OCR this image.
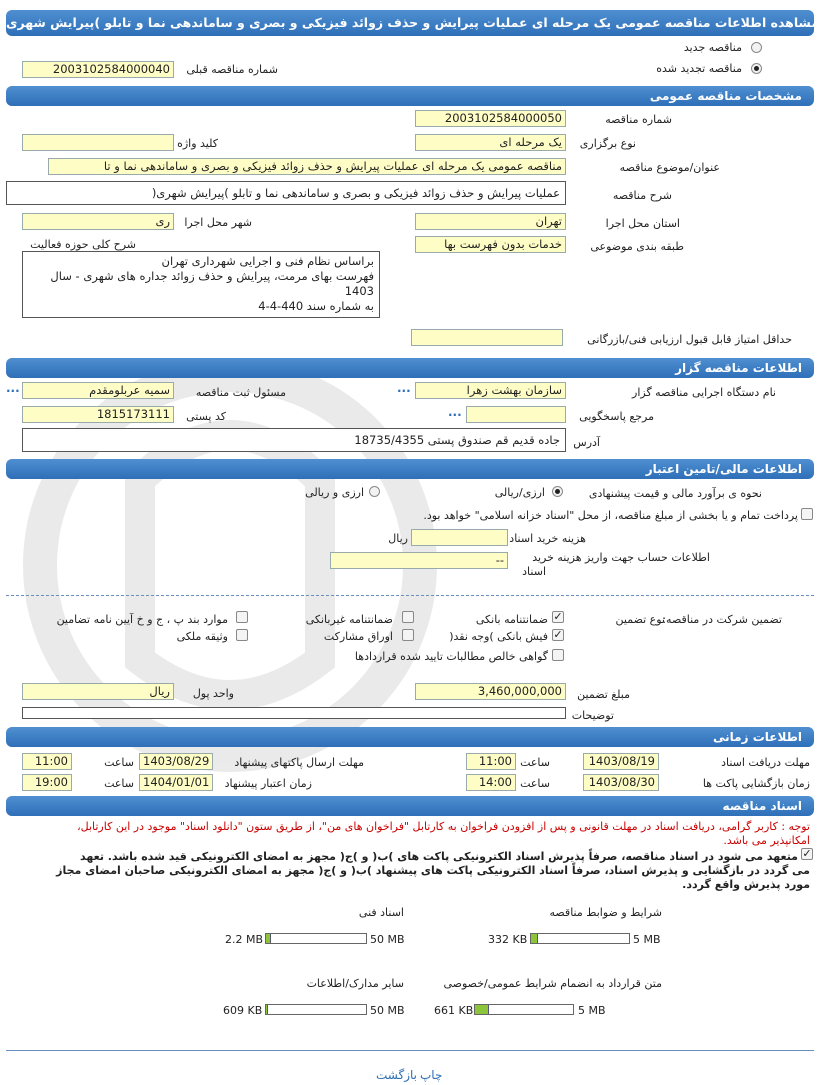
مشاهده اطلاعات مناقصه عمومی یک مرحله ای عملیات پیرایش و حذف زوائد فیزیکی و بصری و ساماندهی نما و تابلو )پیرایش شهری(
مناقصه جدید
مناقصه تجدید شده
شماره مناقصه قبلی
2003102584000040
مشخصات مناقصه عمومی
شماره مناقصه
2003102584000050
نوع برگزاری
یک مرحله ای
کلید واژه
عنوان/موضوع مناقصه
مناقصه عمومی یک مرحله ای عملیات پیرایش و حذف زوائد فیزیکی و بصری و ساماندهی نما و تا
شرح مناقصه
عملیات پیرایش و حذف زوائد فیزیکی و بصری و ساماندهی نما و تابلو )پیرایش شهری(
استان محل اجرا
تهران
شهر محل اجرا
ری
طبقه بندی موضوعی
خدمات بدون فهرست بها
شرح کلی حوزه فعالیت
براساس نظام فنی و اجرایی شهرداری تهران
فهرست بهای مرمت، پیرایش و حذف زوائد جداره های شهری - سال 1403
به شماره سند 440-4-4
حداقل امتیاز قابل قبول ارزیابی فنی/بازرگانی
اطلاعات مناقصه گزار
نام دستگاه اجرایی مناقصه گزار
سازمان بهشت زهرا
...
مسئول ثبت مناقصه
سمیه عربلومقدم
...
مرجع پاسخگویی
...
کد پستی
1815173111
آدرس
جاده قدیم قم صندوق پستی 18735/4355
اطلاعات مالی/تامین اعتبار
نحوه ی برآورد مالی و قیمت پیشنهادی
ارزی/ریالی
ارزی و ریالی
پرداخت تمام و یا بخشی از مبلغ مناقصه، از محل "اسناد خزانه اسلامی" خواهد بود.
هزینه خرید اسناد
ریال
اطلاعات حساب جهت واریز هزینه خرید
اسناد
--
تضمین شرکت در مناقصه:
نوع تضمین
✓
ضمانتنامه بانکی
ضمانتنامه غیربانکی
موارد بند پ ، ج و خ آیین نامه تضامین
✓
فیش بانکی )وجه نقد(
اوراق مشارکت
وثیقه ملکی
گواهی خالص مطالبات تایید شده قراردادها
مبلغ تضمین
3,460,000,000
واحد پول
ریال
توضیحات
اطلاعات زمانی
مهلت دریافت اسناد
1403/08/19
ساعت
11:00
مهلت ارسال پاکتهای پیشنهاد
1403/08/29
ساعت
11:00
زمان بازگشایی پاکت ها
1403/08/30
ساعت
14:00
زمان اعتبار پیشنهاد
1404/01/01
ساعت
19:00
اسناد مناقصه
توجه : کاربر گرامی، دریافت اسناد در مهلت قانونی و پس از افزودن فراخوان به کارتابل "فراخوان های من"، از طریق ستون "دانلود اسناد" موجود در این کارتابل،
امکانپذیر می باشد.
✓
متعهد می شود در اسناد مناقصه، صرفاً پذیرش اسناد الکترونیکی پاکت های )ب( و )ج( مجهز به امضای الکترونیکی قید شده باشد. تعهد
می گردد در بازگشایی و پذیرش اسناد، صرفاً اسناد الکترونیکی پاکت های پیشنهاد )ب( و )ج( مجهز به امضای الکترونیکی صاحبان امضای مجاز
مورد پذیرش واقع گردد.
شرایط و ضوابط مناقصه
5 MB
332 KB
اسناد فنی
50 MB
2.2 MB
متن قرارداد به انضمام شرایط عمومی/خصوصی
5 MB
661 KB
سایر مدارک/اطلاعات
50 MB
609 KB
بازگشت چاپ
